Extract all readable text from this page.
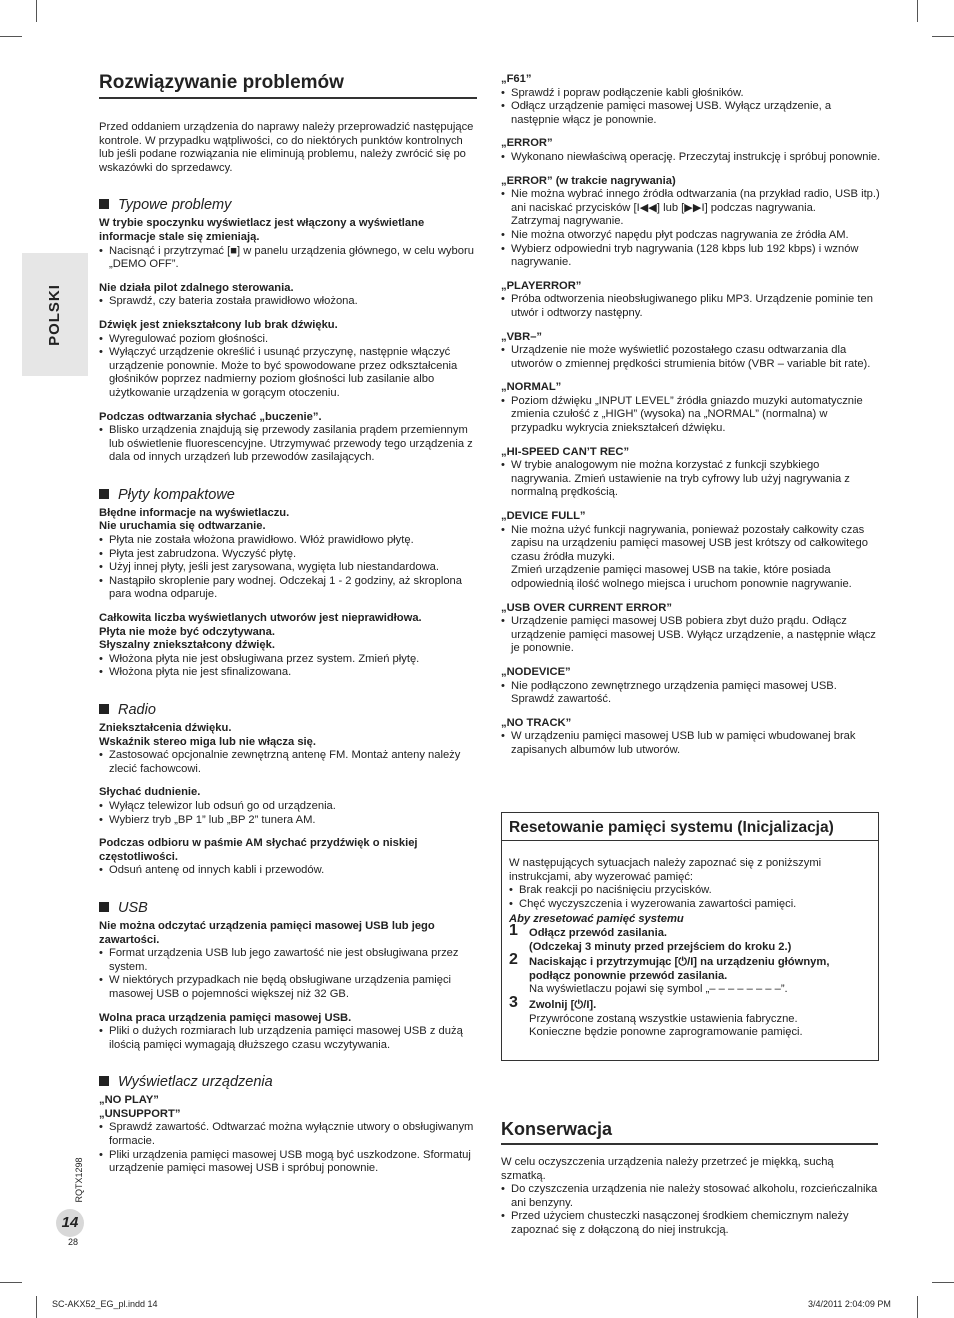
POLSKI
Rozwiązywanie problemów
Przed oddaniem urządzenia do naprawy należy przeprowadzić następujące kontrole. W przypadku wątpliwości, co do niektórych punktów kontrolnych lub jeśli podane rozwiązania nie eliminują problemu, należy zwrócić się po wskazówki do sprzedawcy.
Typowe problemy
W trybie spoczynku wyświetlacz jest włączony a wyświetlane informacje stale się zmieniają.
• Nacisnąć i przytrzymać [■] w panelu urządzenia głównego, w celu wyboru „DEMO OFF”.
Nie działa pilot zdalnego sterowania.
• Sprawdź, czy bateria została prawidłowo włożona.
Dźwięk jest zniekształcony lub brak dźwięku.
• Wyregulować poziom głośności.
• Wyłączyć urządzenie określić i usunąć przyczynę, następnie włączyć urządzenie ponownie. Może to być spowodowane przez odkształcenia głośników poprzez nadmierny poziom głośności lub zasilanie albo użytkowanie urządzenia w gorącym otoczeniu.
Podczas odtwarzania słychać „buczenie”.
• Blisko urządzenia znajdują się przewody zasilania prądem przemiennym lub oświetlenie fluorescencyjne. Utrzymywać przewody tego urządzenia z dala od innych urządzeń lub przewodów zasilających.
Płyty kompaktowe
Błędne informacje na wyświetlaczu.
Nie uruchamia się odtwarzanie.
• Płyta nie została włożona prawidłowo. Włóż prawidłowo płytę.
• Płyta jest zabrudzona. Wyczyść płytę.
• Użyj innej płyty, jeśli jest zarysowana, wygięta lub niestandardowa.
• Nastąpiło skroplenie pary wodnej. Odczekaj 1 - 2 godziny, aż skroplona para wodna odparuje.
Całkowita liczba wyświetlanych utworów jest nieprawidłowa.
Płyta nie może być odczytywana.
Słyszalny zniekształcony dźwięk.
• Włożona płyta nie jest obsługiwana przez system. Zmień płytę.
• Włożona płyta nie jest sfinalizowana.
Radio
Zniekształcenia dźwięku.
Wskaźnik stereo miga lub nie włącza się.
• Zastosować opcjonalnie zewnętrzną antenę FM. Montaż anteny należy zlecić fachowcowi.
Słychać dudnienie.
• Wyłącz telewizor lub odsuń go od urządzenia.
• Wybierz tryb „BP 1” lub „BP 2” tunera AM.
Podczas odbioru w paśmie AM słychać przydźwięk o niskiej częstotliwości.
• Odsuń antenę od innych kabli i przewodów.
USB
Nie można odczytać urządzenia pamięci masowej USB lub jego zawartości.
• Format urządzenia USB lub jego zawartość nie jest obsługiwana przez system.
• W niektórych przypadkach nie będą obsługiwane urządzenia pamięci masowej USB o pojemności większej niż 32 GB.
Wolna praca urządzenia pamięci masowej USB.
• Pliki o dużych rozmiarach lub urządzenia pamięci masowej USB z dużą ilością pamięci wymagają dłuższego czasu wczytywania.
Wyświetlacz urządzenia
„NO PLAY”
„UNSUPPORT”
• Sprawdź zawartość. Odtwarzać można wyłącznie utwory o obsługiwanym formacie.
• Pliki urządzenia pamięci masowej USB mogą być uszkodzone. Sformatuj urządzenie pamięci masowej USB i spróbuj ponownie.
„F61”
• Sprawdź i popraw podłączenie kabli głośników.
• Odłącz urządzenie pamięci masowej USB. Wyłącz urządzenie, a następnie włącz je ponownie.
„ERROR”
• Wykonano niewłaściwą operację. Przeczytaj instrukcję i spróbuj ponownie.
„ERROR” (w trakcie nagrywania)
• Nie można wybrać innego źródła odtwarzania (na przykład radio, USB itp.) ani naciskać przycisków [I◀◀] lub [▶▶I] podczas nagrywania.
Zatrzymaj nagrywanie.
• Nie można otworzyć napędu płyt podczas nagrywania ze źródła AM.
• Wybierz odpowiedni tryb nagrywania (128 kbps lub 192 kbps) i wznów nagrywanie.
„PLAYERROR”
• Próba odtworzenia nieobsługiwanego pliku MP3. Urządzenie pominie ten utwór i odtworzy następny.
„VBR–”
• Urządzenie nie może wyświetlić pozostałego czasu odtwarzania dla utworów o zmiennej prędkości strumienia bitów (VBR – variable bit rate).
„NORMAL”
• Poziom dźwięku „INPUT LEVEL” źródła gniazdo muzyki automatycznie zmienia czułość z „HIGH” (wysoka) na „NORMAL” (normalna) w przypadku wykrycia zniekształceń dźwięku.
„HI-SPEED CAN’T REC”
• W trybie analogowym nie można korzystać z funkcji szybkiego nagrywania. Zmień ustawienie na tryb cyfrowy lub użyj nagrywania z normalną prędkością.
„DEVICE FULL”
• Nie można użyć funkcji nagrywania, ponieważ pozostały całkowity czas zapisu na urządzeniu pamięci masowej USB jest krótszy od całkowitego czasu źródła muzyki.
Zmień urządzenie pamięci masowej USB na takie, które posiada odpowiednią ilość wolnego miejsca i uruchom ponownie nagrywanie.
„USB OVER CURRENT ERROR”
• Urządzenie pamięci masowej USB pobiera zbyt dużo prądu. Odłącz urządzenie pamięci masowej USB. Wyłącz urządzenie, a następnie włącz je ponownie.
„NODEVICE”
• Nie podłączono zewnętrznego urządzenia pamięci masowej USB. Sprawdź zawartość.
„NO TRACK”
• W urządzeniu pamięci masowej USB lub w pamięci wbudowanej brak zapisanych albumów lub utworów.
Resetowanie pamięci systemu (Inicjalizacja)
W następujących sytuacjach należy zapoznać się z poniższymi instrukcjami, aby wyzerować pamięć:
• Brak reakcji po naciśnięciu przycisków.
• Chęć wyczyszczenia i wyzerowania zawartości pamięci.
Aby zresetować pamięć systemu
1 Odłącz przewód zasilania.
(Odczekaj 3 minuty przed przejściem do kroku 2.)
2 Naciskając i przytrzymując [⏻/I] na urządzeniu głównym, podłącz ponownie przewód zasilania.
Na wyświetlaczu pojawi się symbol „– – – – – – – –”.
3 Zwolnij [⏻/I].
Przywrócone zostaną wszystkie ustawienia fabryczne.
Konieczne będzie ponowne zaprogramowanie pamięci.
Konserwacja
W celu oczyszczenia urządzenia należy przetrzeć je miękką, suchą szmatką.
• Do czyszczenia urządzenia nie należy stosować alkoholu, rozcieńczalnika ani benzyny.
• Przed użyciem chusteczki nasączonej środkiem chemicznym należy zapoznać się z dołączoną do niej instrukcją.
RQTX1298
14
28
SC-AKX52_EG_pl.indd 14	3/4/2011 2:04:09 PM
